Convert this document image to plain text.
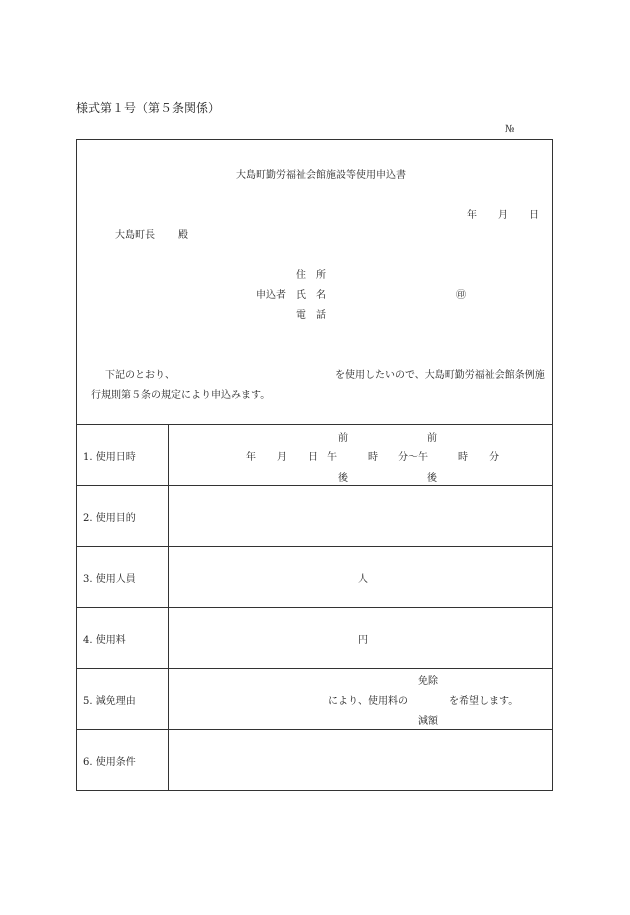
様式第１号（第５条関係）
№
大島町勤労福祉会館施設等使用申込書
年 月 日
大島町長 殿
住　所
申込者 氏　名	㊞
電　話
下記のとおり、	を使用したいので、大島町勤労福祉会館条例施
行規則第５条の規定により申込みます。
1. 使用日時
前	前
年 月 日 午	時 分～午	時 分
後	後
2. 使用目的
3. 使用人員	人
4. 使用料	円
5. 減免理由
免除
により、使用料の	を希望します。
減額
6. 使用条件
